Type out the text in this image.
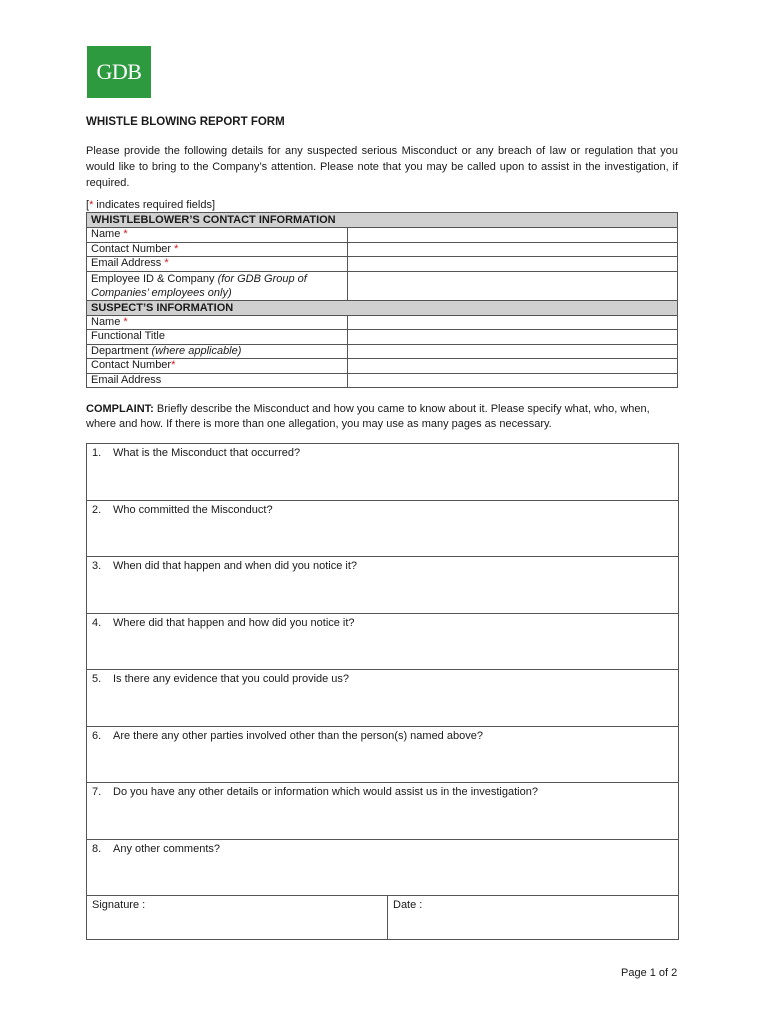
GDB
WHISTLE BLOWING REPORT FORM
Please provide the following details for any suspected serious Misconduct or any breach of law or regulation that you would like to bring to the Company’s attention. Please note that you may be called upon to assist in the investigation, if required.
[* indicates required fields]
WHISTLEBLOWER’S CONTACT INFORMATION	
Name *	
Contact Number *	
Email Address *	
Employee ID & Company (for GDB Group of Companies’ employees only)	
SUSPECT’S INFORMATION	
Name *	
Functional Title	
Department (where applicable)	
Contact Number*	
Email Address	
COMPLAINT: Briefly describe the Misconduct and how you came to know about it. Please specify what, who, when, where and how. If there is more than one allegation, you may use as many pages as necessary.
1.	What is the Misconduct that occurred?
2.	Who committed the Misconduct?
3.	When did that happen and when did you notice it?
4.	Where did that happen and how did you notice it?
5.	Is there any evidence that you could provide us?
6.	Are there any other parties involved other than the person(s) named above?
7.	Do you have any other details or information which would assist us in the investigation?
8.	Any other comments?
Signature :	Date :
Page 1 of 2
